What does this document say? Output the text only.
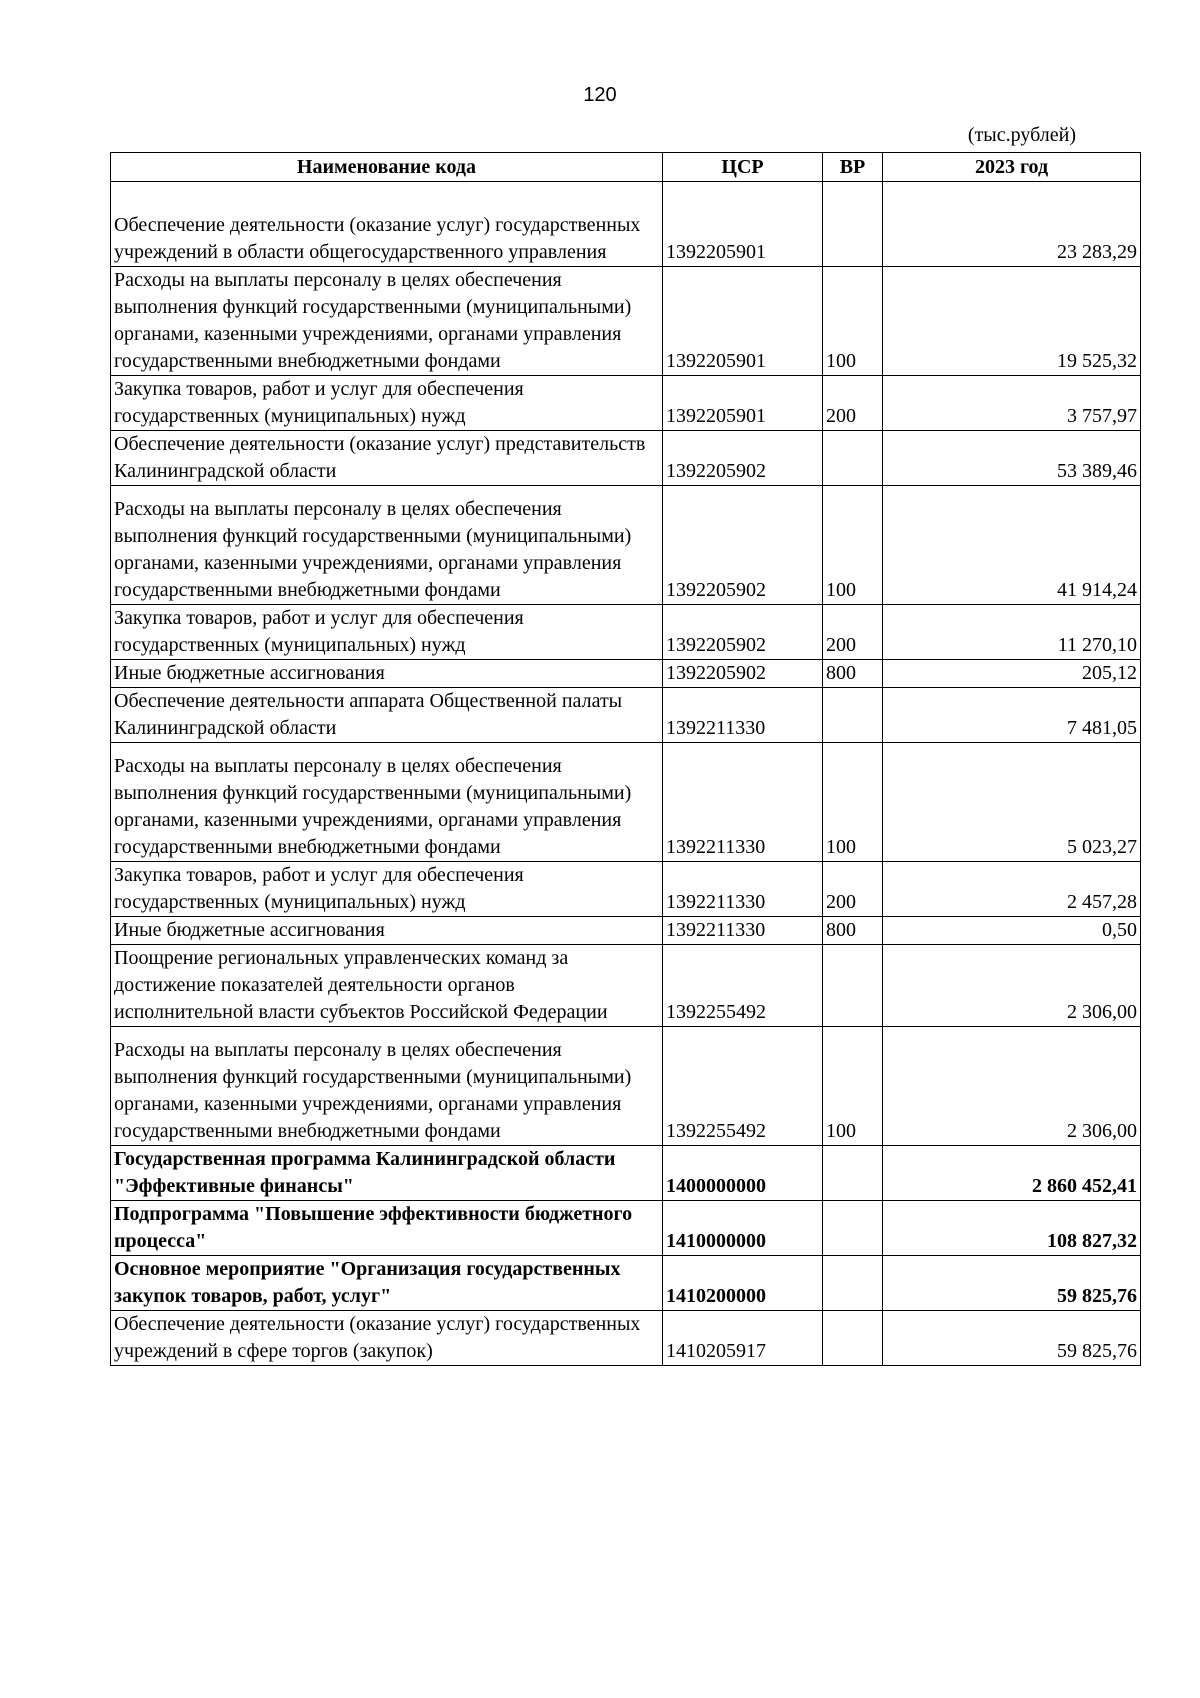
120
(тыс.рублей)
Наименование кода	ЦСР	ВР	2023 год
Обеспечение деятельности (оказание услуг) государственных учреждений в области общегосударственного управления	1392205901		23 283,29
Расходы на выплаты персоналу в целях обеспечения выполнения функций государственными (муниципальными) органами, казенными учреждениями, органами управления государственными внебюджетными фондами	1392205901	100	19 525,32
Закупка товаров, работ и услуг для обеспечения государственных (муниципальных) нужд	1392205901	200	3 757,97
Обеспечение деятельности (оказание услуг) представительств Калининградской области	1392205902		53 389,46
Расходы на выплаты персоналу в целях обеспечения выполнения функций государственными (муниципальными) органами, казенными учреждениями, органами управления государственными внебюджетными фондами	1392205902	100	41 914,24
Закупка товаров, работ и услуг для обеспечения государственных (муниципальных) нужд	1392205902	200	11 270,10
Иные бюджетные ассигнования	1392205902	800	205,12
Обеспечение деятельности аппарата Общественной палаты Калининградской области	1392211330		7 481,05
Расходы на выплаты персоналу в целях обеспечения выполнения функций государственными (муниципальными) органами, казенными учреждениями, органами управления государственными внебюджетными фондами	1392211330	100	5 023,27
Закупка товаров, работ и услуг для обеспечения государственных (муниципальных) нужд	1392211330	200	2 457,28
Иные бюджетные ассигнования	1392211330	800	0,50
Поощрение региональных управленческих команд за достижение показателей деятельности органов исполнительной власти субъектов Российской Федерации	1392255492		2 306,00
Расходы на выплаты персоналу в целях обеспечения выполнения функций государственными (муниципальными) органами, казенными учреждениями, органами управления государственными внебюджетными фондами	1392255492	100	2 306,00
Государственная программа Калининградской области "Эффективные финансы"	1400000000		2 860 452,41
Подпрограмма "Повышение эффективности бюджетного процесса"	1410000000		108 827,32
Основное мероприятие "Организация государственных закупок товаров, работ, услуг"	1410200000		59 825,76
Обеспечение деятельности (оказание услуг) государственных учреждений в сфере торгов (закупок)	1410205917		59 825,76
